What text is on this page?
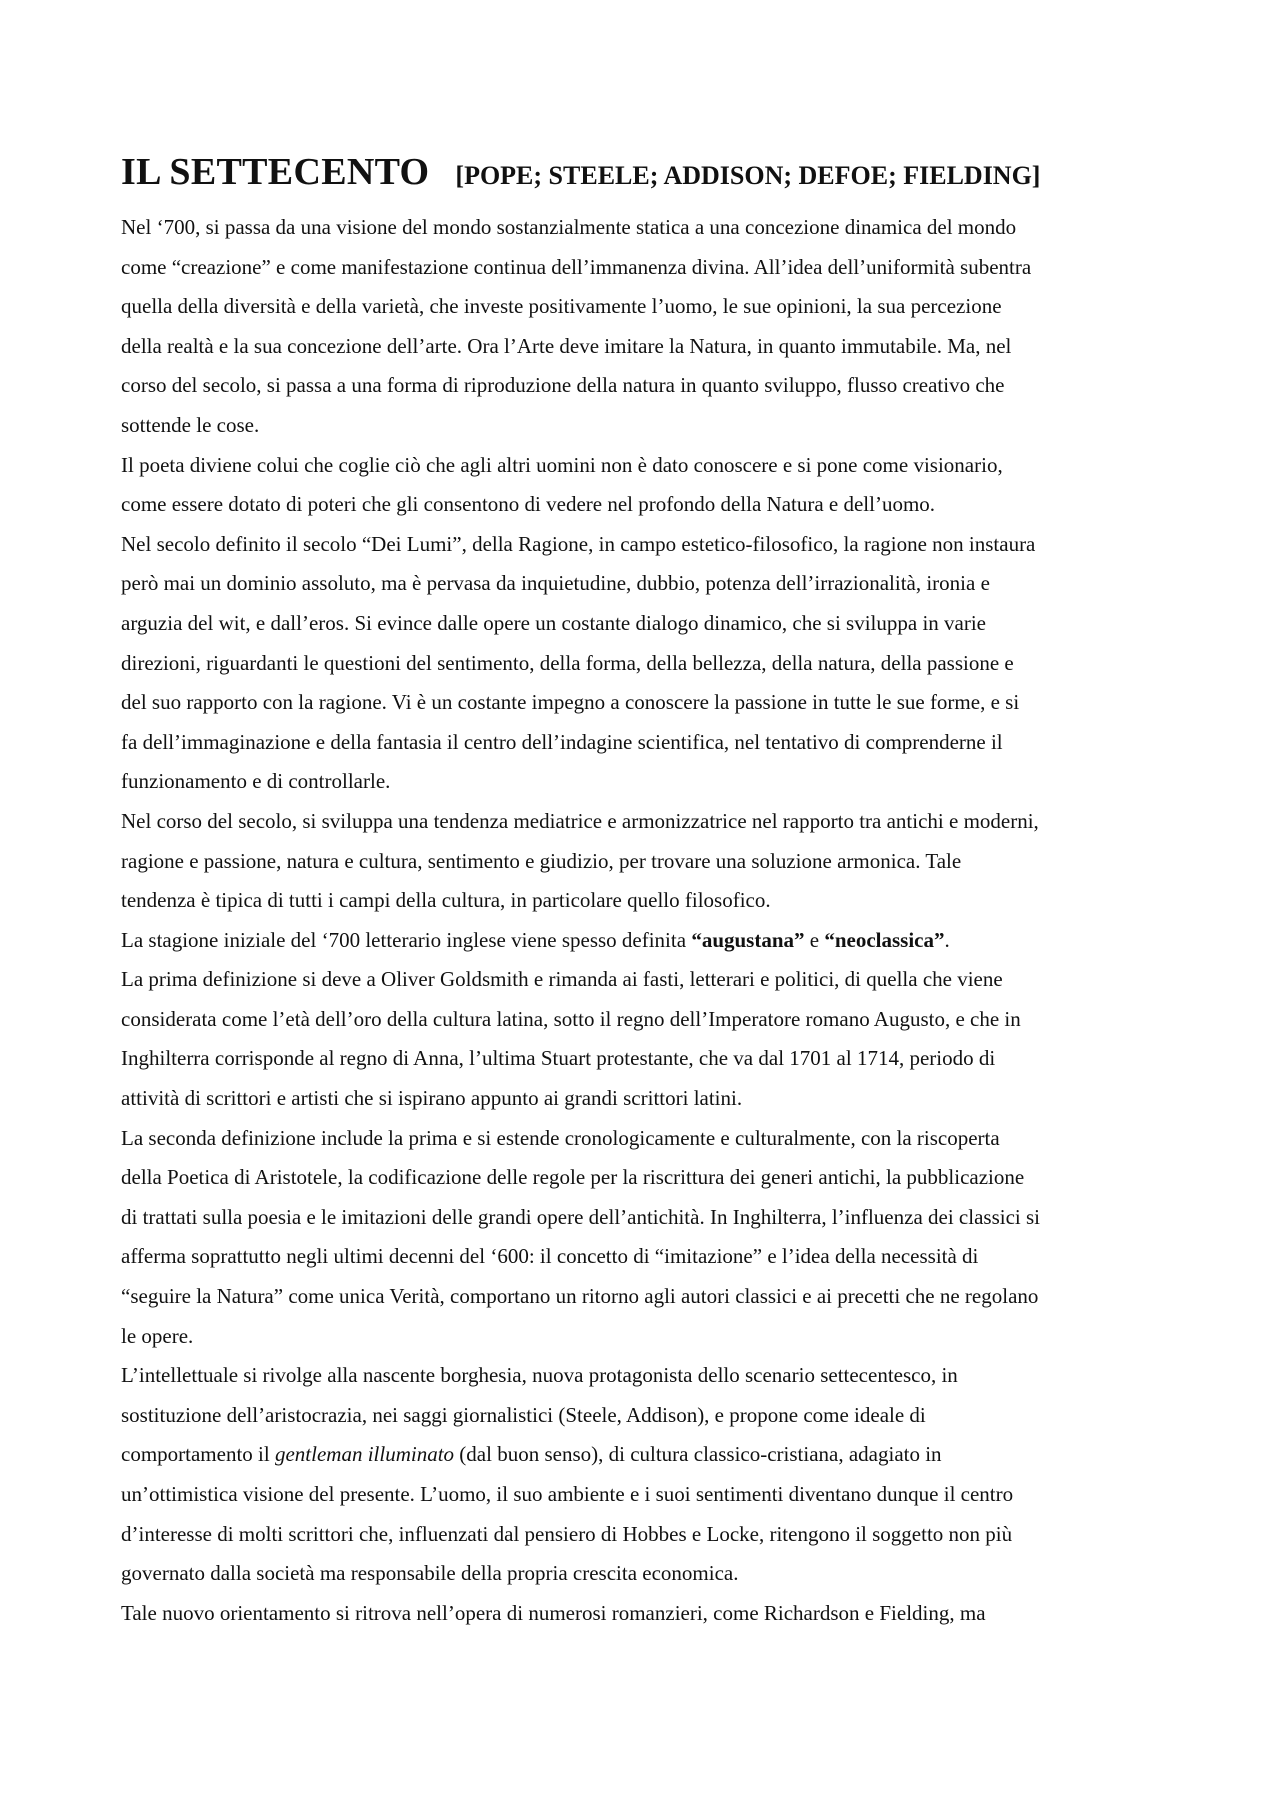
IL SETTECENTO [POPE; STEELE; ADDISON; DEFOE; FIELDING]

Nel ‘700, si passa da una visione del mondo sostanzialmente statica a una concezione dinamica del mondo
come “creazione” e come manifestazione continua dell’immanenza divina. All’idea dell’uniformità subentra
quella della diversità e della varietà, che investe positivamente l’uomo, le sue opinioni, la sua percezione
della realtà e la sua concezione dell’arte. Ora l’Arte deve imitare la Natura, in quanto immutabile. Ma, nel
corso del secolo, si passa a una forma di riproduzione della natura in quanto sviluppo, flusso creativo che
sottende le cose.

Il poeta diviene colui che coglie ciò che agli altri uomini non è dato conoscere e si pone come visionario,
come essere dotato di poteri che gli consentono di vedere nel profondo della Natura e dell’uomo.

Nel secolo definito il secolo “Dei Lumi”, della Ragione, in campo estetico-filosofico, la ragione non instaura
però mai un dominio assoluto, ma è pervasa da inquietudine, dubbio, potenza dell’irrazionalità, ironia e
arguzia del wit, e dall’eros. Si evince dalle opere un costante dialogo dinamico, che si sviluppa in varie
direzioni, riguardanti le questioni del sentimento, della forma, della bellezza, della natura, della passione e
del suo rapporto con la ragione. Vi è un costante impegno a conoscere la passione in tutte le sue forme, e si
fa dell’immaginazione e della fantasia il centro dell’indagine scientifica, nel tentativo di comprenderne il
funzionamento e di controllarle.

Nel corso del secolo, si sviluppa una tendenza mediatrice e armonizzatrice nel rapporto tra antichi e moderni,
ragione e passione, natura e cultura, sentimento e giudizio, per trovare una soluzione armonica. Tale
tendenza è tipica di tutti i campi della cultura, in particolare quello filosofico.

La stagione iniziale del ‘700 letterario inglese viene spesso definita “augustana” e “neoclassica”.

La prima definizione si deve a Oliver Goldsmith e rimanda ai fasti, letterari e politici, di quella che viene
considerata come l’età dell’oro della cultura latina, sotto il regno dell’Imperatore romano Augusto, e che in
Inghilterra corrisponde al regno di Anna, l’ultima Stuart protestante, che va dal 1701 al 1714, periodo di
attività di scrittori e artisti che si ispirano appunto ai grandi scrittori latini.

La seconda definizione include la prima e si estende cronologicamente e culturalmente, con la riscoperta
della Poetica di Aristotele, la codificazione delle regole per la riscrittura dei generi antichi, la pubblicazione
di trattati sulla poesia e le imitazioni delle grandi opere dell’antichità. In Inghilterra, l’influenza dei classici si
afferma soprattutto negli ultimi decenni del ‘600: il concetto di “imitazione” e l’idea della necessità di
“seguire la Natura” come unica Verità, comportano un ritorno agli autori classici e ai precetti che ne regolano
le opere.

L’intellettuale si rivolge alla nascente borghesia, nuova protagonista dello scenario settecentesco, in
sostituzione dell’aristocrazia, nei saggi giornalistici (Steele, Addison), e propone come ideale di
comportamento il gentleman illuminato (dal buon senso), di cultura classico-cristiana, adagiato in
un’ottimistica visione del presente. L’uomo, il suo ambiente e i suoi sentimenti diventano dunque il centro
d’interesse di molti scrittori che, influenzati dal pensiero di Hobbes e Locke, ritengono il soggetto non più
governato dalla società ma responsabile della propria crescita economica.

Tale nuovo orientamento si ritrova nell’opera di numerosi romanzieri, come Richardson e Fielding, ma
